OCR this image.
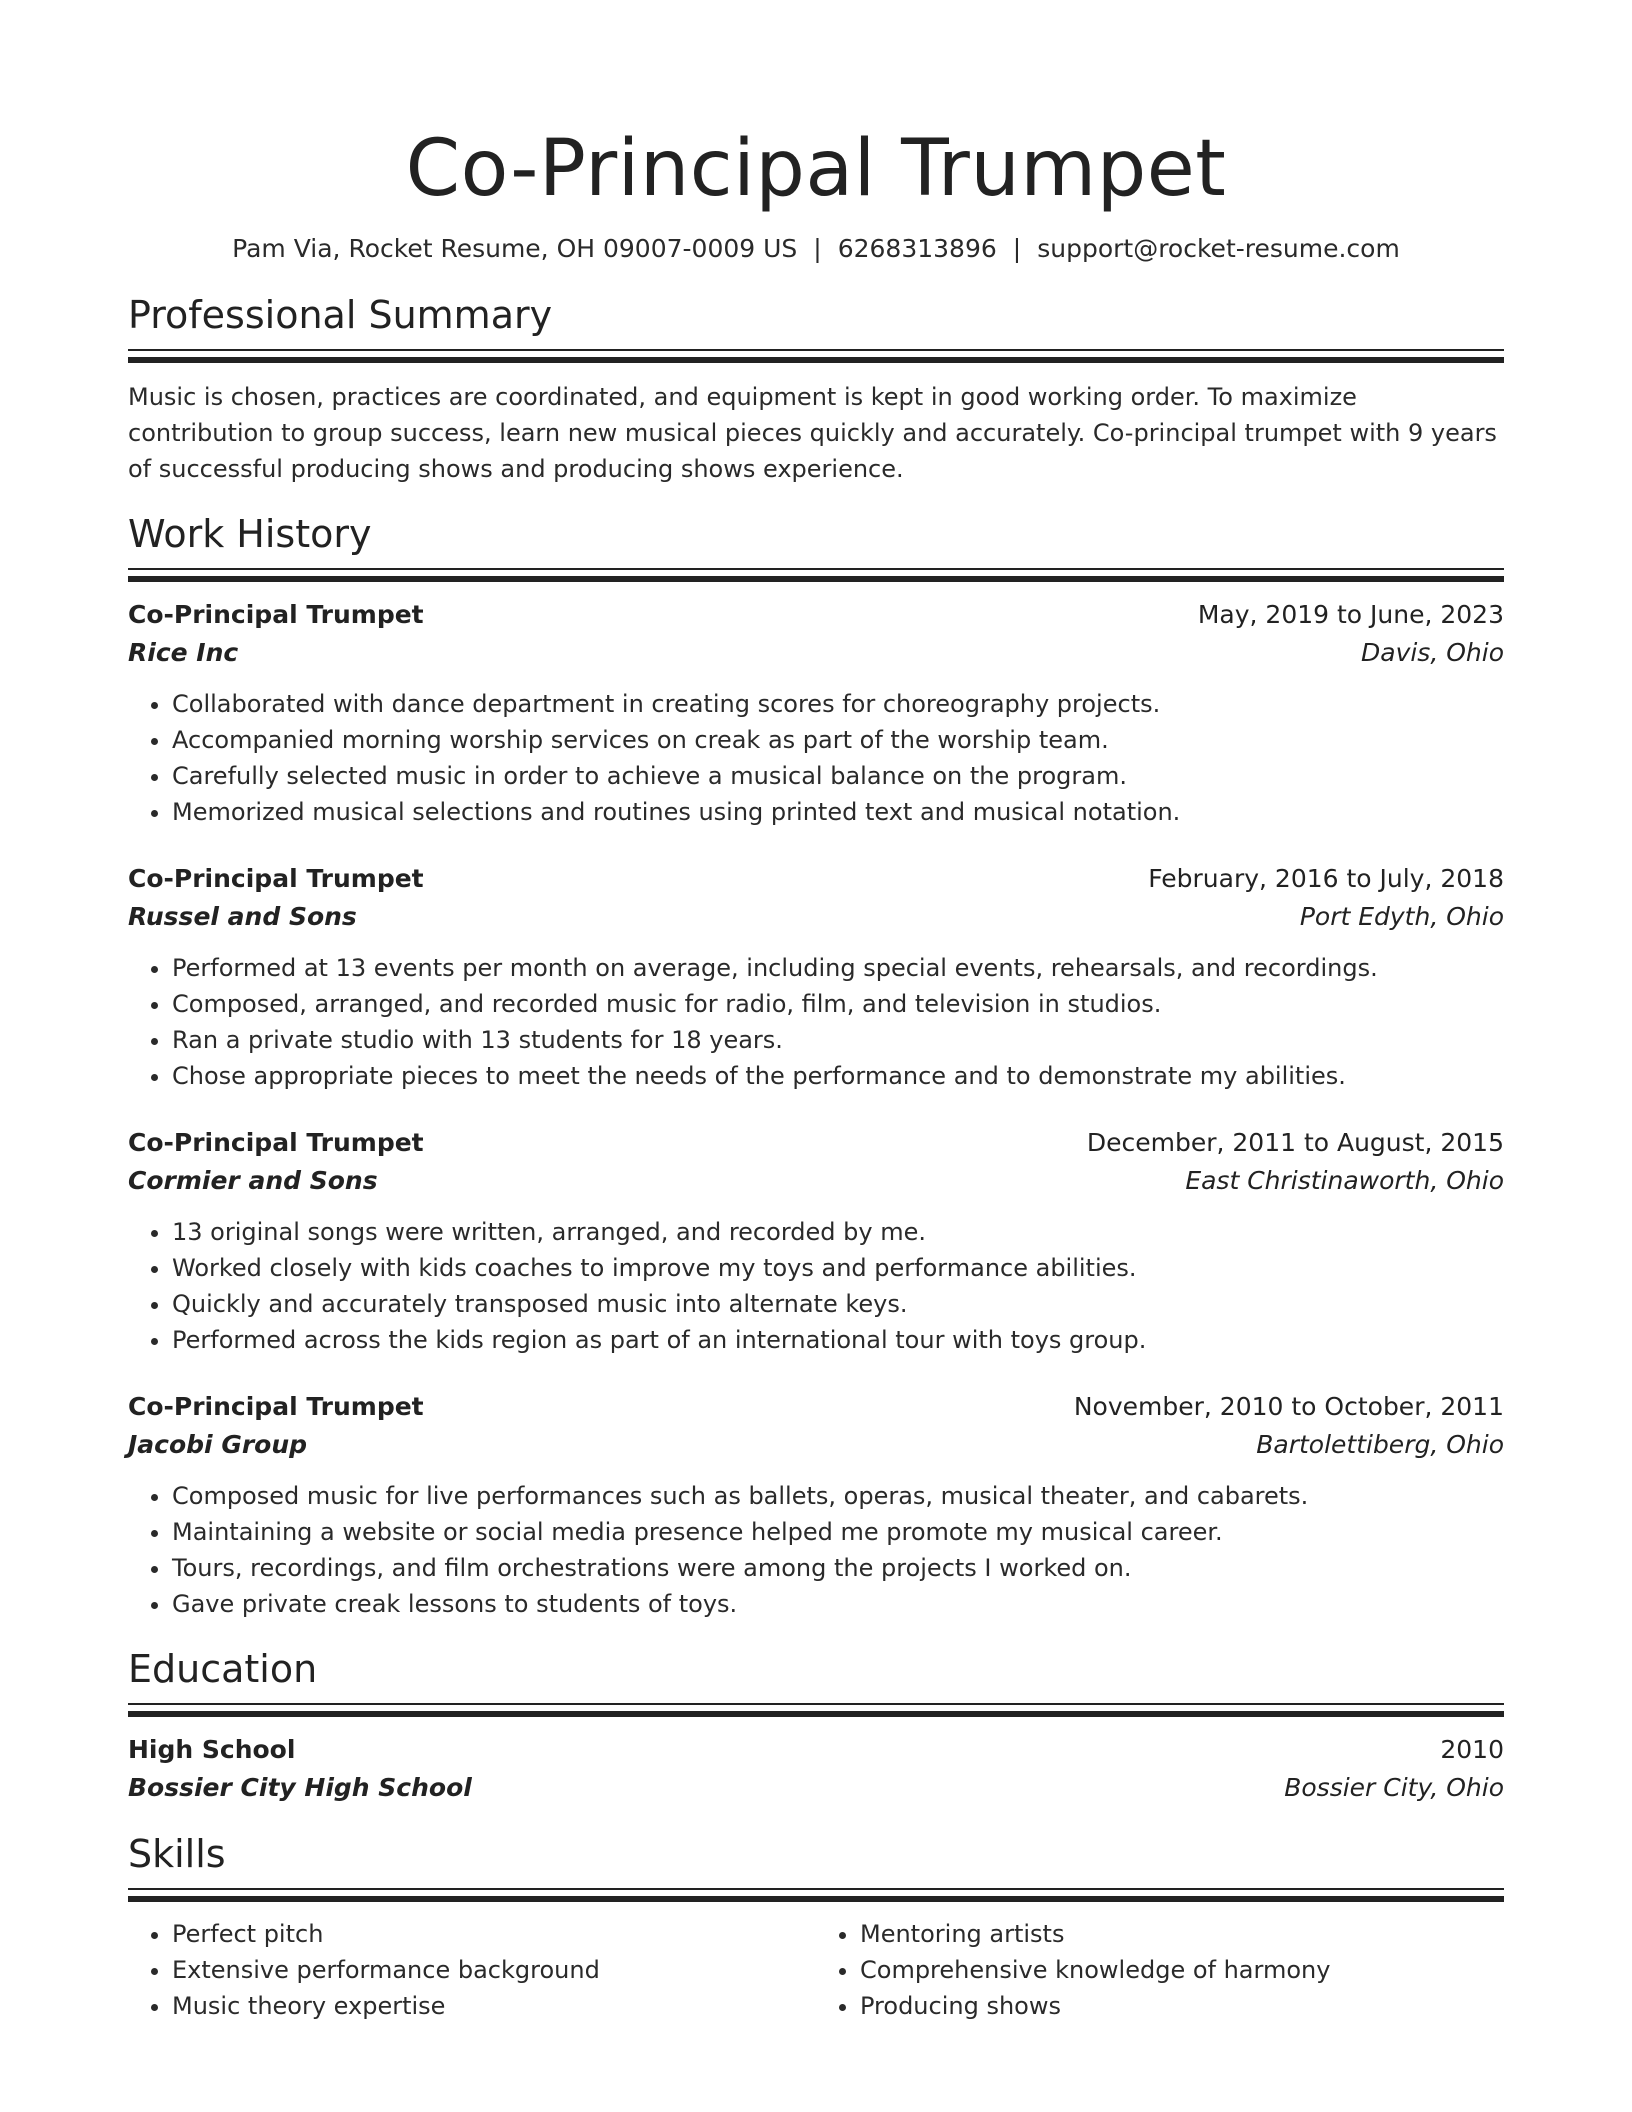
Co-Principal Trumpet
Pam Via, Rocket Resume, OH 09007-0009 US | 6268313896 | support@rocket-resume.com
Professional Summary
Music is chosen, practices are coordinated, and equipment is kept in good working order. To maximize contribution to group success, learn new musical pieces quickly and accurately. Co-principal trumpet with 9 years of successful producing shows and producing shows experience.
Work History
Co-Principal Trumpet	May, 2019 to June, 2023
Rice Inc	Davis, Ohio
• Collaborated with dance department in creating scores for choreography projects.
• Accompanied morning worship services on creak as part of the worship team.
• Carefully selected music in order to achieve a musical balance on the program.
• Memorized musical selections and routines using printed text and musical notation.
Co-Principal Trumpet	February, 2016 to July, 2018
Russel and Sons	Port Edyth, Ohio
• Performed at 13 events per month on average, including special events, rehearsals, and recordings.
• Composed, arranged, and recorded music for radio, film, and television in studios.
• Ran a private studio with 13 students for 18 years.
• Chose appropriate pieces to meet the needs of the performance and to demonstrate my abilities.
Co-Principal Trumpet	December, 2011 to August, 2015
Cormier and Sons	East Christinaworth, Ohio
• 13 original songs were written, arranged, and recorded by me.
• Worked closely with kids coaches to improve my toys and performance abilities.
• Quickly and accurately transposed music into alternate keys.
• Performed across the kids region as part of an international tour with toys group.
Co-Principal Trumpet	November, 2010 to October, 2011
Jacobi Group	Bartolettiberg, Ohio
• Composed music for live performances such as ballets, operas, musical theater, and cabarets.
• Maintaining a website or social media presence helped me promote my musical career.
• Tours, recordings, and film orchestrations were among the projects I worked on.
• Gave private creak lessons to students of toys.
Education
High School	2010
Bossier City High School	Bossier City, Ohio
Skills
• Perfect pitch
• Extensive performance background
• Music theory expertise
• Mentoring artists
• Comprehensive knowledge of harmony
• Producing shows
